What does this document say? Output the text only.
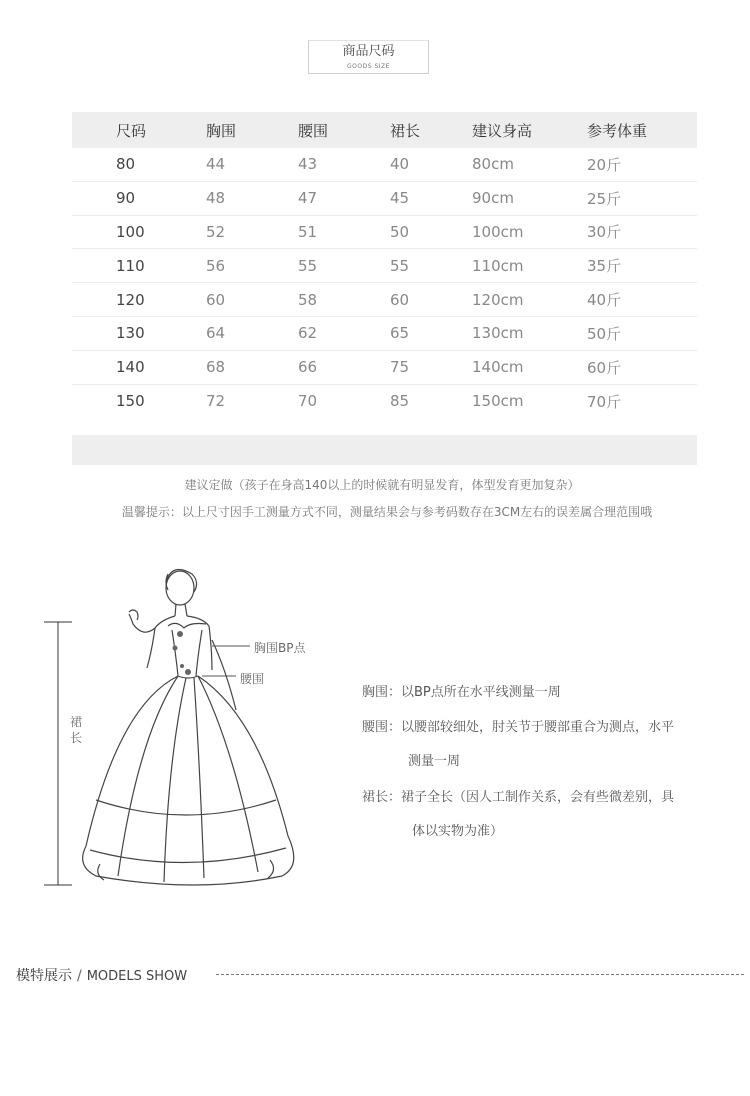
商品尺码
GOODS SIZE
尺码	胸围	腰围	裙长	建议身高	参考体重
80	44	43	40	80cm	20斤
90	48	47	45	90cm	25斤
100	52	51	50	100cm	30斤
110	56	55	55	110cm	35斤
120	60	58	60	120cm	40斤
130	64	62	65	130cm	50斤
140	68	66	75	140cm	60斤
150	72	70	85	150cm	70斤
建议定做（孩子在身高140以上的时候就有明显发育，体型发育更加复杂）
温馨提示：以上尺寸因手工测量方式不同，测量结果会与参考码数存在3CM左右的误差属合理范围哦
裙长
胸围BP点
腰围
胸围：以BP点所在水平线测量一周
腰围：以腰部较细处，肘关节于腰部重合为测点，水平
测量一周
裙长：裙子全长（因人工制作关系，会有些微差别，具
体以实物为准）
模特展示 / MODELS SHOW
